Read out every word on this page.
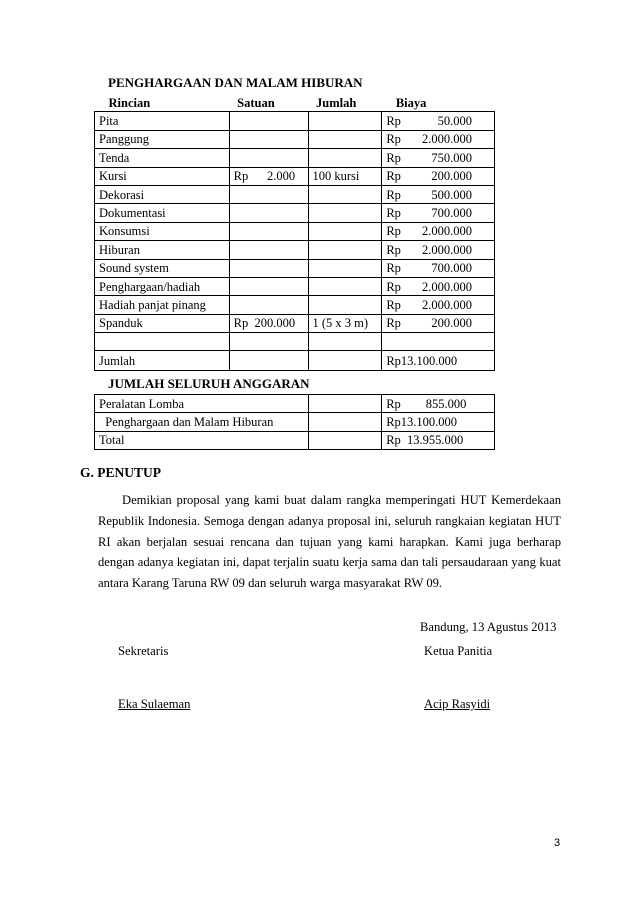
PENGHARGAAN DAN MALAM HIBURAN
Rincian	Satuan	Jumlah	Biaya
Pita			Rp 50.000

Panggung			Rp 2.000.000

Tenda			Rp 750.000

Kursi	Rp      2.000	100 kursi	Rp 200.000

Dekorasi			Rp 500.000

Dokumentasi			Rp 700.000

Konsumsi			Rp 2.000.000

Hiburan			Rp 2.000.000

Sound system			Rp 700.000

Penghargaan/hadiah			Rp 2.000.000

Hadiah panjat pinang			Rp 2.000.000

Spanduk	Rp  200.000	1 (5 x 3 m)	Rp 200.000

Jumlah			Rp13.100.000
JUMLAH SELURUH ANGGARAN
Peralatan Lomba		Rp        855.000
Penghargaan dan Malam Hiburan		Rp13.100.000
Total		Rp  13.955.000
G. PENUTUP
Demikian proposal yang kami buat dalam rangka memperingati HUT Kemerdekaan Republik Indonesia. Semoga dengan adanya proposal ini, seluruh rangkaian kegiatan HUT RI akan berjalan sesuai rencana dan tujuan yang kami harapkan. Kami juga berharap dengan adanya kegiatan ini, dapat terjalin suatu kerja sama dan tali persaudaraan yang kuat antara Karang Taruna RW 09 dan seluruh warga masyarakat RW 09.
Bandung, 13 Agustus 2013
Sekretaris	Ketua Panitia
Eka Sulaeman	Acip Rasyidi
3
